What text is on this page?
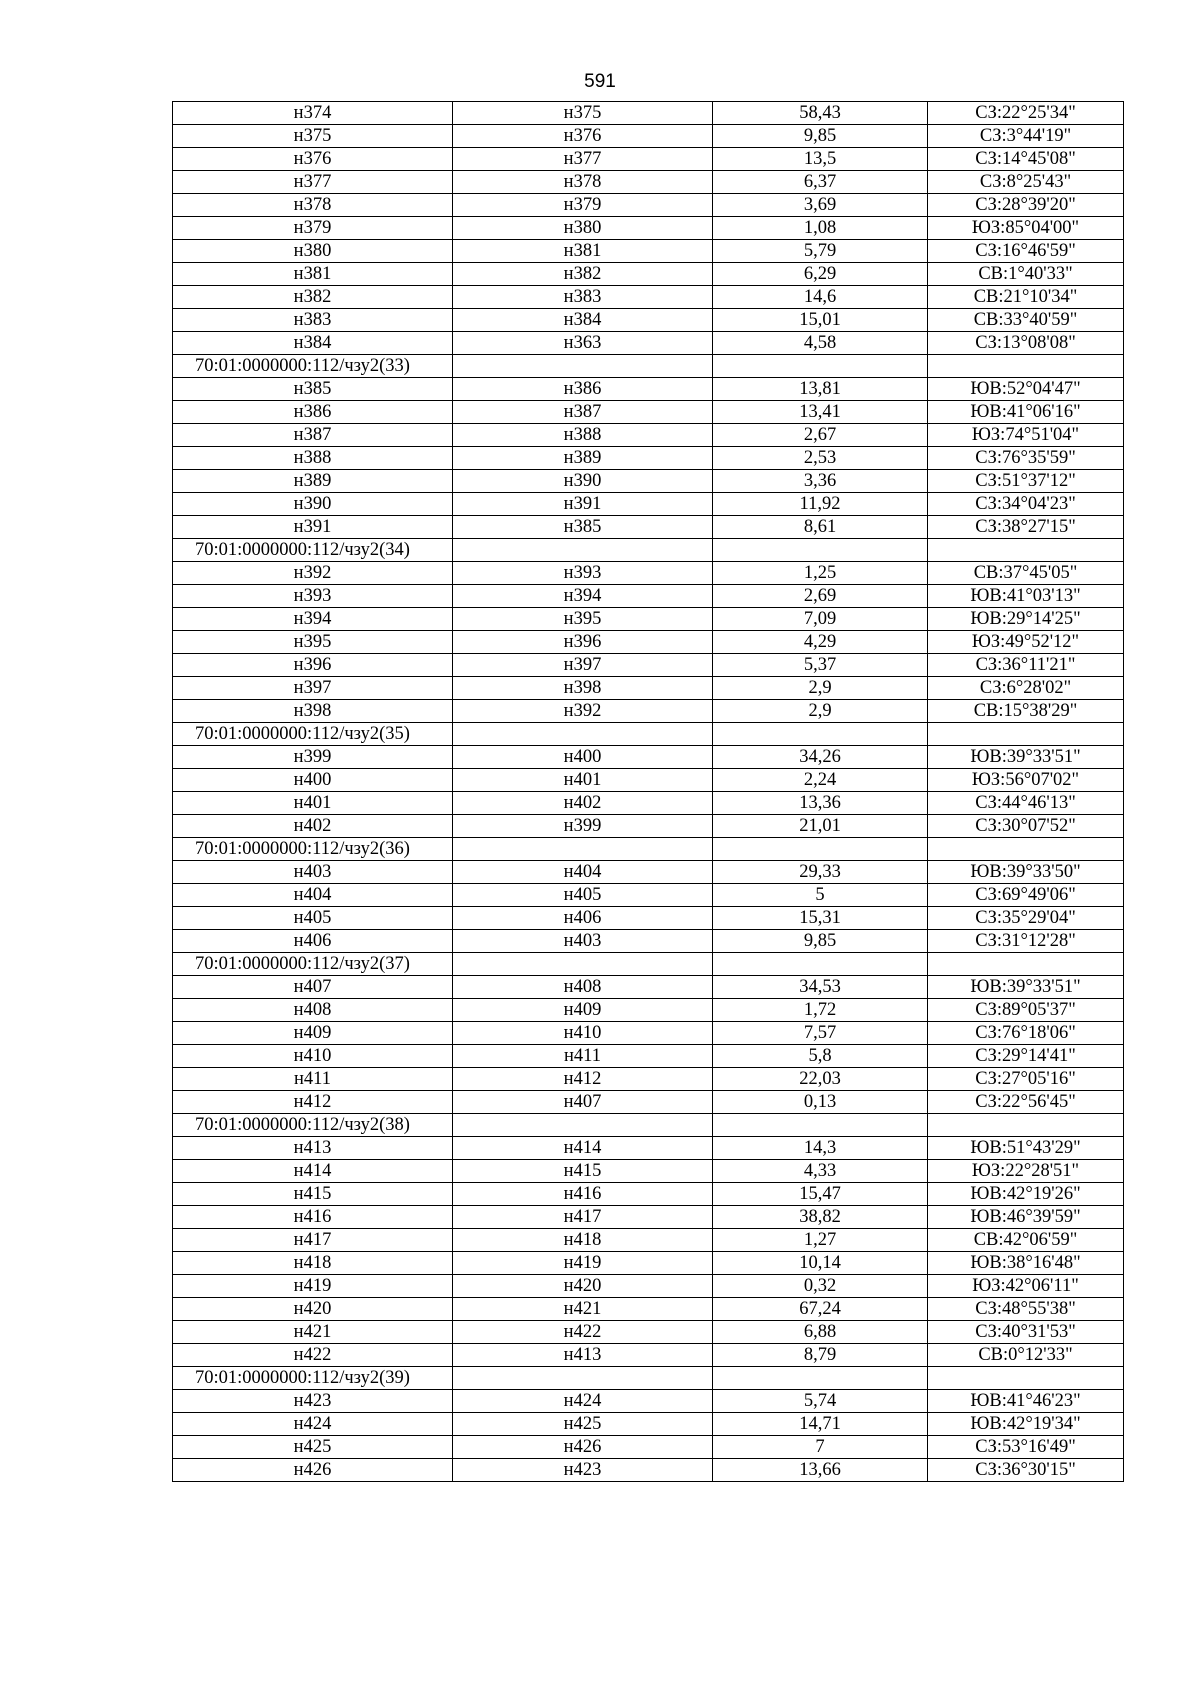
591
н374	н375	58,43	СЗ:22°25'34"
н375	н376	9,85	СЗ:3°44'19"
н376	н377	13,5	СЗ:14°45'08"
н377	н378	6,37	СЗ:8°25'43"
н378	н379	3,69	СЗ:28°39'20"
н379	н380	1,08	ЮЗ:85°04'00"
н380	н381	5,79	СЗ:16°46'59"
н381	н382	6,29	СВ:1°40'33"
н382	н383	14,6	СВ:21°10'34"
н383	н384	15,01	СВ:33°40'59"
н384	н363	4,58	СЗ:13°08'08"
70:01:0000000:112/чзу2(33)			
н385	н386	13,81	ЮВ:52°04'47"
н386	н387	13,41	ЮВ:41°06'16"
н387	н388	2,67	ЮЗ:74°51'04"
н388	н389	2,53	СЗ:76°35'59"
н389	н390	3,36	СЗ:51°37'12"
н390	н391	11,92	СЗ:34°04'23"
н391	н385	8,61	СЗ:38°27'15"
70:01:0000000:112/чзу2(34)			
н392	н393	1,25	СВ:37°45'05"
н393	н394	2,69	ЮВ:41°03'13"
н394	н395	7,09	ЮВ:29°14'25"
н395	н396	4,29	ЮЗ:49°52'12"
н396	н397	5,37	СЗ:36°11'21"
н397	н398	2,9	СЗ:6°28'02"
н398	н392	2,9	СВ:15°38'29"
70:01:0000000:112/чзу2(35)			
н399	н400	34,26	ЮВ:39°33'51"
н400	н401	2,24	ЮЗ:56°07'02"
н401	н402	13,36	СЗ:44°46'13"
н402	н399	21,01	СЗ:30°07'52"
70:01:0000000:112/чзу2(36)			
н403	н404	29,33	ЮВ:39°33'50"
н404	н405	5	СЗ:69°49'06"
н405	н406	15,31	СЗ:35°29'04"
н406	н403	9,85	СЗ:31°12'28"
70:01:0000000:112/чзу2(37)			
н407	н408	34,53	ЮВ:39°33'51"
н408	н409	1,72	СЗ:89°05'37"
н409	н410	7,57	СЗ:76°18'06"
н410	н411	5,8	СЗ:29°14'41"
н411	н412	22,03	СЗ:27°05'16"
н412	н407	0,13	СЗ:22°56'45"
70:01:0000000:112/чзу2(38)			
н413	н414	14,3	ЮВ:51°43'29"
н414	н415	4,33	ЮЗ:22°28'51"
н415	н416	15,47	ЮВ:42°19'26"
н416	н417	38,82	ЮВ:46°39'59"
н417	н418	1,27	СВ:42°06'59"
н418	н419	10,14	ЮВ:38°16'48"
н419	н420	0,32	ЮЗ:42°06'11"
н420	н421	67,24	СЗ:48°55'38"
н421	н422	6,88	СЗ:40°31'53"
н422	н413	8,79	СВ:0°12'33"
70:01:0000000:112/чзу2(39)			
н423	н424	5,74	ЮВ:41°46'23"
н424	н425	14,71	ЮВ:42°19'34"
н425	н426	7	СЗ:53°16'49"
н426	н423	13,66	СЗ:36°30'15"
